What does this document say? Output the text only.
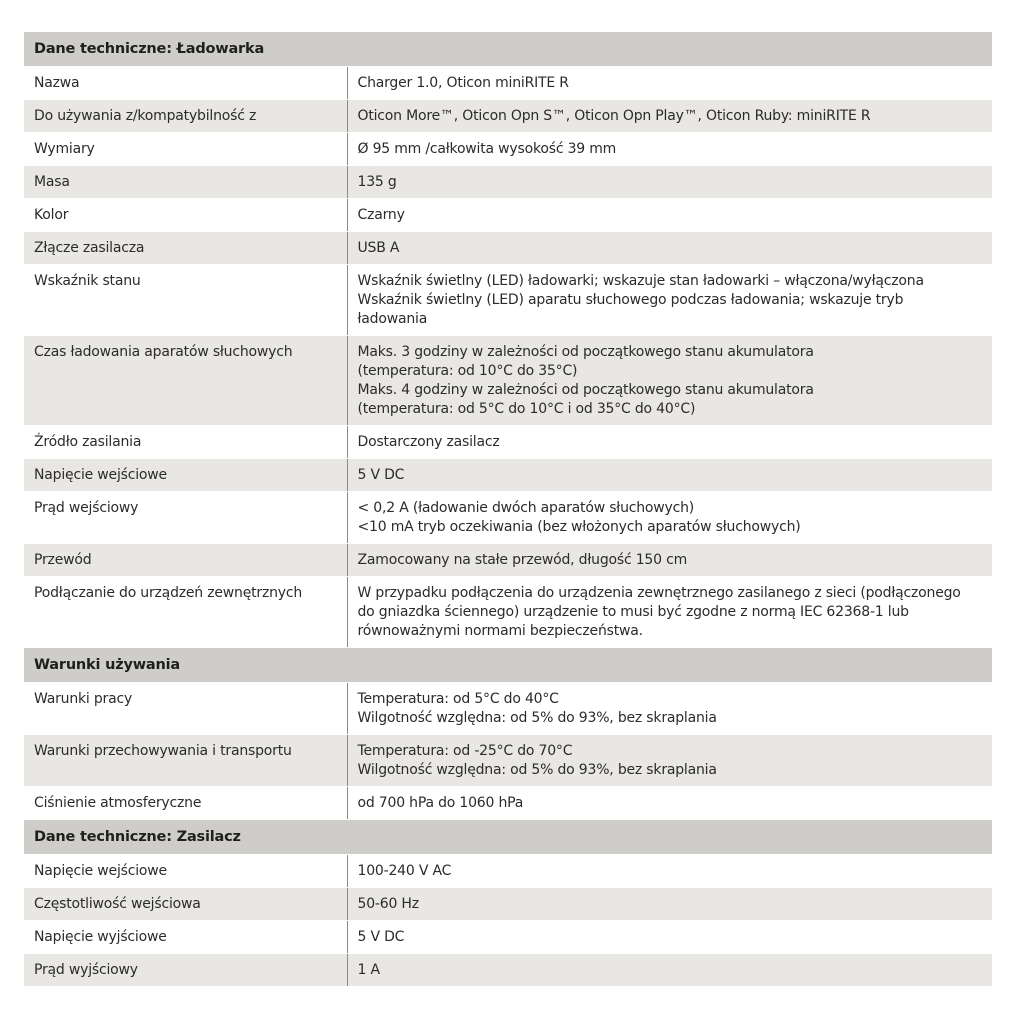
Dane techniczne: Ładowarka	
Nazwa	Charger 1.0, Oticon miniRITE R

Do używania z/kompatybilność z	Oticon More™, Oticon Opn S™, Oticon Opn Play™, Oticon Ruby: miniRITE R

Wymiary	Ø 95 mm /całkowita wysokość 39 mm

Masa	135 g

Kolor	Czarny

Złącze zasilacza	USB A

Wskaźnik stanu	Wskaźnik świetlny (LED) ładowarki; wskazuje stan ładowarki – włączona/wyłączona
Wskaźnik świetlny (LED) aparatu słuchowego podczas ładowania; wskazuje tryb
ładowania

Czas ładowania aparatów słuchowych	Maks. 3 godziny w zależności od początkowego stanu akumulatora
(temperatura: od 10°C do 35°C)
Maks. 4 godziny w zależności od początkowego stanu akumulatora
(temperatura: od 5°C do 10°C i od 35°C do 40°C)

Źródło zasilania	Dostarczony zasilacz

Napięcie wejściowe	5 V DC

Prąd wejściowy	< 0,2 A (ładowanie dwóch aparatów słuchowych)
<10 mA tryb oczekiwania (bez włożonych aparatów słuchowych)

Przewód	Zamocowany na stałe przewód, długość 150 cm

Podłączanie do urządzeń zewnętrznych	W przypadku podłączenia do urządzenia zewnętrznego zasilanego z sieci (podłączonego
do gniazdka ściennego) urządzenie to musi być zgodne z normą IEC 62368-1 lub
równoważnymi normami bezpieczeństwa.

Warunki używania	
Warunki pracy	Temperatura: od 5°C do 40°C
Wilgotność względna: od 5% do 93%, bez skraplania

Warunki przechowywania i transportu	Temperatura: od -25°C do 70°C
Wilgotność względna: od 5% do 93%, bez skraplania

Ciśnienie atmosferyczne	od 700 hPa do 1060 hPa

Dane techniczne: Zasilacz	
Napięcie wejściowe	100-240 V AC

Częstotliwość wejściowa	50-60 Hz

Napięcie wyjściowe	5 V DC

Prąd wyjściowy	1 A
